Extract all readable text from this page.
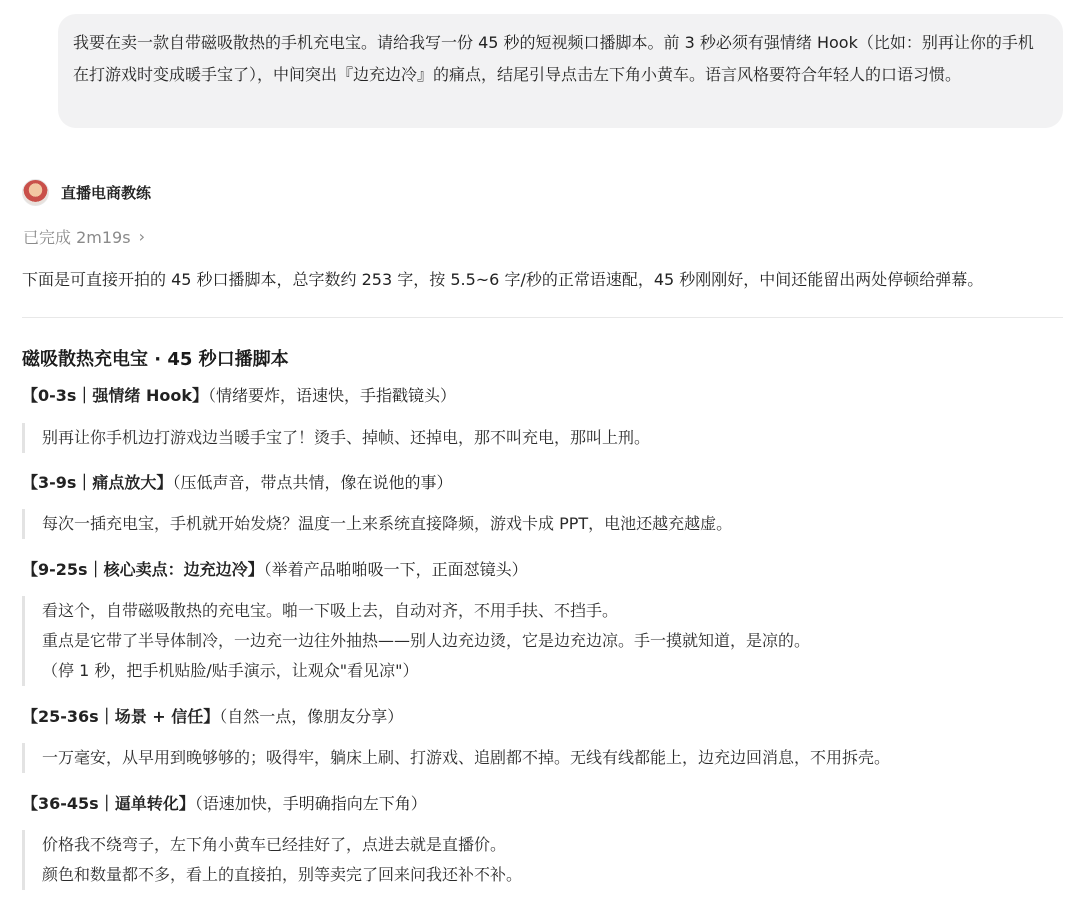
我要在卖一款自带磁吸散热的手机充电宝。请给我写一份 45 秒的短视频口播脚本。前 3 秒必须有强情绪 Hook（比如：别再让你的手机在打游戏时变成暖手宝了），中间突出『边充边冷』的痛点，结尾引导点击左下角小黄车。语言风格要符合年轻人的口语习惯。
直播电商教练
已完成 2m19s ›
下面是可直接开拍的 45 秒口播脚本，总字数约 253 字，按 5.5~6 字/秒的正常语速配，45 秒刚刚好，中间还能留出两处停顿给弹幕。
磁吸散热充电宝 · 45 秒口播脚本
【0-3s｜强情绪 Hook】（情绪要炸，语速快，手指戳镜头）
别再让你手机边打游戏边当暖手宝了！烫手、掉帧、还掉电，那不叫充电，那叫上刑。
【3-9s｜痛点放大】（压低声音，带点共情，像在说他的事）
每次一插充电宝，手机就开始发烧？温度一上来系统直接降频，游戏卡成 PPT，电池还越充越虚。
【9-25s｜核心卖点：边充边冷】（举着产品啪啪吸一下，正面怼镜头）
看这个，自带磁吸散热的充电宝。啪一下吸上去，自动对齐，不用手扶、不挡手。
重点是它带了半导体制冷，一边充一边往外抽热——别人边充边烫，它是边充边凉。手一摸就知道，是凉的。
（停 1 秒，把手机贴脸/贴手演示，让观众"看见凉"）
【25-36s｜场景 + 信任】（自然一点，像朋友分享）
一万毫安，从早用到晚够够的；吸得牢，躺床上刷、打游戏、追剧都不掉。无线有线都能上，边充边回消息，不用拆壳。
【36-45s｜逼单转化】（语速加快，手明确指向左下角）
价格我不绕弯子，左下角小黄车已经挂好了，点进去就是直播价。
颜色和数量都不多，看上的直接拍，别等卖完了回来问我还补不补。
